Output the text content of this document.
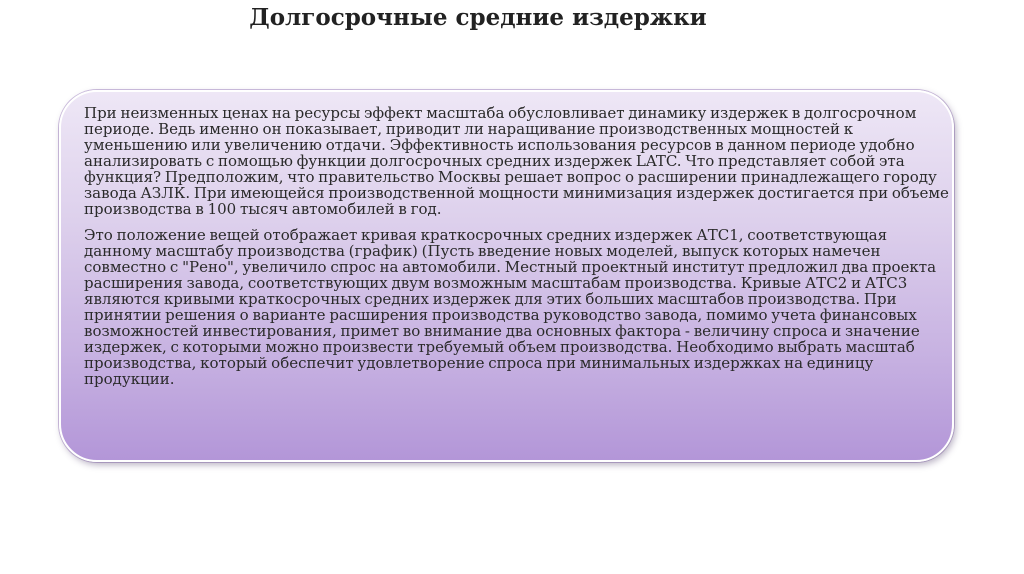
Долгосрочные средние издержки

При неизменных ценах на ресурсы эффект масштаба обусловливает динамику издержек в долгосрочном периоде. Ведь именно он показывает, приводит ли наращивание производственных мощностей к уменьшению или увеличению отдачи. Эффективность использования ресурсов в данном периоде удобно анализировать с помощью функции долгосрочных средних издержек LATC. Что представляет собой эта функция? Предположим, что правительство Москвы решает вопрос о расширении принадлежащего городу завода АЗЛК. При имеющейся производственной мощности минимизация издержек достигается при объеме производства в 100 тысяч автомобилей в год.

Это положение вещей отображает кривая краткосрочных средних издержек АТС1, соответствующая данному масштабу производства (график) (Пусть введение новых моделей, выпуск которых намечен совместно с "Рено", увеличило спрос на автомобили. Местный проектный институт предложил два проекта расширения завода, соответствующих двум возможным масштабам производства. Кривые АТС2 и АТС3 являются кривыми краткосрочных средних издержек для этих больших масштабов производства. При принятии решения о варианте расширения производства руководство завода, помимо учета финансовых возможностей инвестирования, примет во внимание два основных фактора - величину спроса и значение издержек, с которыми можно произвести требуемый объем производства. Необходимо выбрать масштаб производства, который обеспечит удовлетворение спроса при минимальных издержках на единицу продукции.
